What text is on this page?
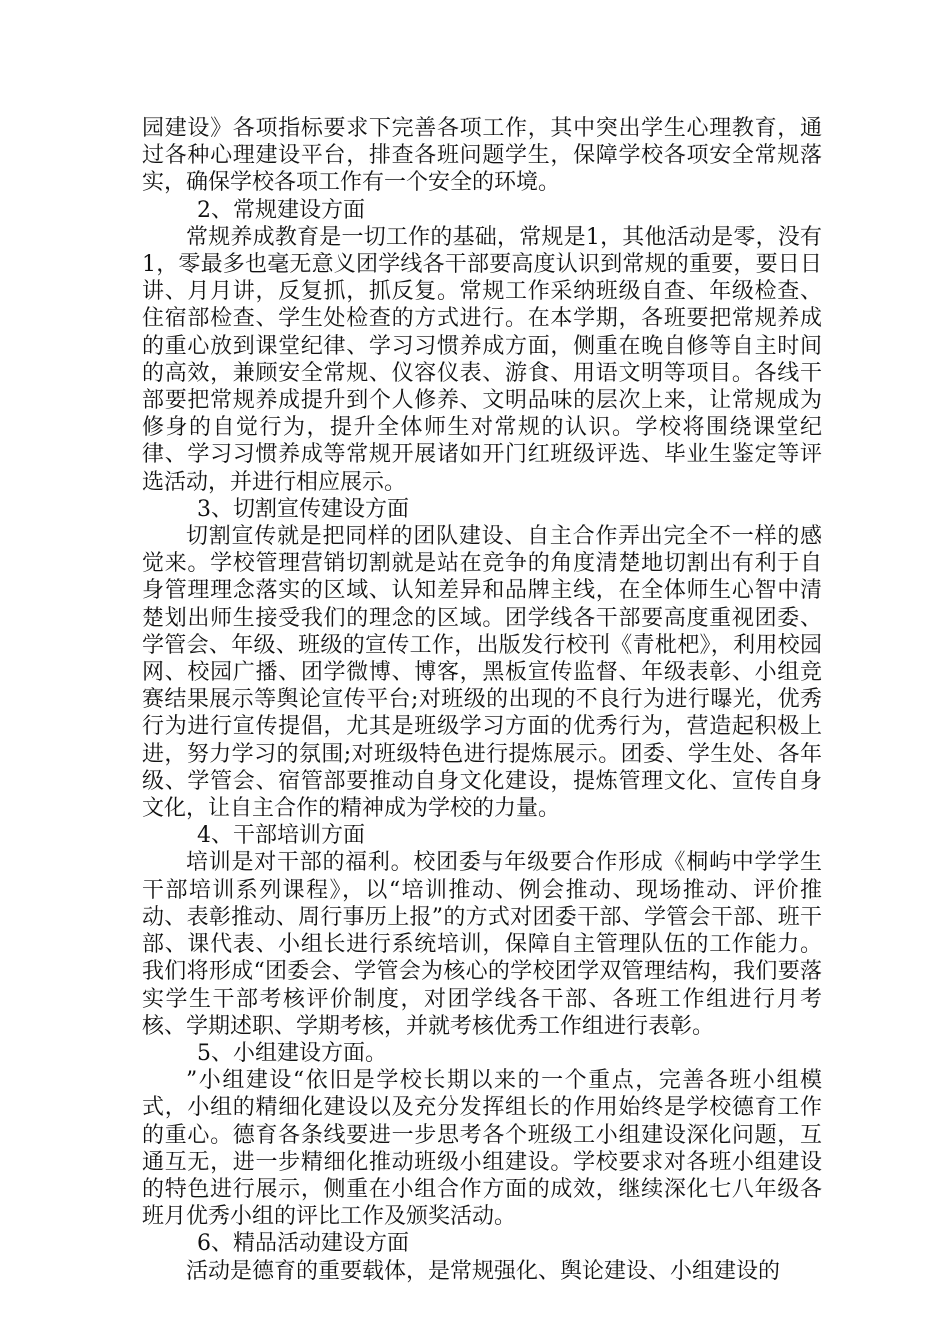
园建设》各项指标要求下完善各项工作，其中突出学生心理教育，通过各种心理建设平台，排查各班问题学生，保障学校各项安全常规落实，确保学校各项工作有一个安全的环境。

2、常规建设方面

常规养成教育是一切工作的基础，常规是1，其他活动是零，没有1，零最多也毫无意义团学线各干部要高度认识到常规的重要，要日日讲、月月讲，反复抓，抓反复。常规工作采纳班级自查、年级检查、住宿部检查、学生处检查的方式进行。在本学期，各班要把常规养成的重心放到课堂纪律、学习习惯养成方面，侧重在晚自修等自主时间的高效，兼顾安全常规、仪容仪表、游食、用语文明等项目。各线干部要把常规养成提升到个人修养、文明品味的层次上来，让常规成为修身的自觉行为，提升全体师生对常规的认识。学校将围绕课堂纪律、学习习惯养成等常规开展诸如开门红班级评选、毕业生鉴定等评选活动，并进行相应展示。

3、切割宣传建设方面

切割宣传就是把同样的团队建设、自主合作弄出完全不一样的感觉来。学校管理营销切割就是站在竞争的角度清楚地切割出有利于自身管理理念落实的区域、认知差异和品牌主线，在全体师生心智中清楚划出师生接受我们的理念的区域。团学线各干部要高度重视团委、学管会、年级、班级的宣传工作，出版发行校刊《青枇杷》，利用校园网、校园广播、团学微博、博客，黑板宣传监督、年级表彰、小组竞赛结果展示等舆论宣传平台;对班级的出现的不良行为进行曝光，优秀行为进行宣传提倡，尤其是班级学习方面的优秀行为，营造起积极上进，努力学习的氛围;对班级特色进行提炼展示。团委、学生处、各年级、学管会、宿管部要推动自身文化建设，提炼管理文化、宣传自身文化，让自主合作的精神成为学校的力量。

4、干部培训方面

培训是对干部的福利。校团委与年级要合作形成《桐屿中学学生干部培训系列课程》，以“培训推动、例会推动、现场推动、评价推动、表彰推动、周行事历上报”的方式对团委干部、学管会干部、班干部、课代表、小组长进行系统培训，保障自主管理队伍的工作能力。我们将形成“团委会、学管会为核心的学校团学双管理结构，我们要落实学生干部考核评价制度，对团学线各干部、各班工作组进行月考核、学期述职、学期考核，并就考核优秀工作组进行表彰。

5、小组建设方面。

”小组建设“依旧是学校长期以来的一个重点，完善各班小组模式，小组的精细化建设以及充分发挥组长的作用始终是学校德育工作的重心。德育各条线要进一步思考各个班级工小组建设深化问题，互通互无，进一步精细化推动班级小组建设。学校要求对各班小组建设的特色进行展示，侧重在小组合作方面的成效，继续深化七八年级各班月优秀小组的评比工作及颁奖活动。

6、精品活动建设方面

活动是德育的重要载体，是常规强化、舆论建设、小组建设的
